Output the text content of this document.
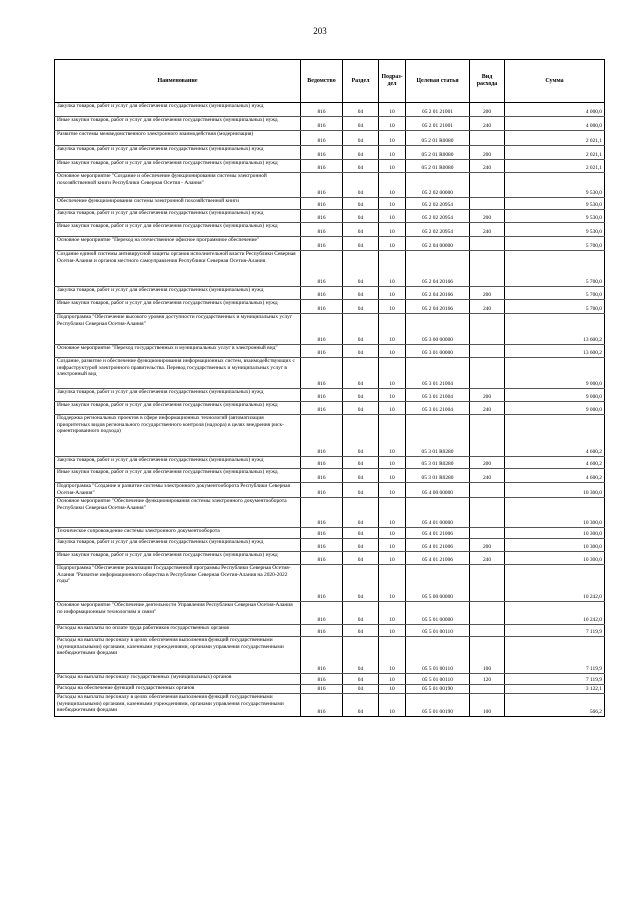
203
Наименование	Ведомство	Раздел	Подраз- дел	Целевая статья	Вид расхода	Сумма

Закупка товаров, работ и услуг для обеспечения государственных (муниципальных) нужд	816	04	10	05 2 01 21001	200	4 000,0

Иные закупки товаров, работ и услуг для обеспечения государственных (муниципальных) нужд	816	04	10	05 2 01 21001	240	4 000,0

Развитие системы межведомственного электронного взаимодействия (модернизация)	816	04	10	05 2 01 R0080		2 021,1

Закупка товаров, работ и услуг для обеспечения государственных (муниципальных) нужд	816	04	10	05 2 01 R0080	200	2 021,1

Иные закупки товаров, работ и услуг для обеспечения государственных (муниципальных) нужд	816	04	10	05 2 01 R0080	240	2 021,1

Основное мероприятие "Создание и обеспечение функционирования системы электронной похозяйственной книги Республики Северная Осетия - Алания"	816	04	10	05 2 02 00000		9 530,0

Обеспечение функционирования системы электронной похозяйственной книги	816	04	10	05 2 02 20954		9 530,0

Закупка товаров, работ и услуг для обеспечения государственных (муниципальных) нужд	816	04	10	05 2 02 20954	200	9 530,0

Иные закупки товаров, работ и услуг для обеспечения государственных (муниципальных) нужд	816	04	10	05 2 02 20954	240	9 530,0

Основное мероприятие "Переход на отечественное офисное программное обеспечение"	816	04	10	05 2 04 00000		5 700,0

Создание единой системы антивирусной защиты органов исполнительной власти Республики Северная Осетия-Алания и органов местного самоуправления Республики Северная Осетия-Алания	816	04	10	05 2 04 20166		5 700,0

Закупка товаров, работ и услуг для обеспечения государственных (муниципальных) нужд	816	04	10	05 2 04 20166	200	5 700,0

Иные закупки товаров, работ и услуг для обеспечения государственных (муниципальных) нужд	816	04	10	05 2 04 20166	240	5 700,0

Подпрограмма "Обеспечение высокого уровня доступности государственных и муниципальных услуг Республики Северная Осетия-Алания"	816	04	10	05 3 00 00000		13 600,2

Основное мероприятие "Переход государственных и муниципальных услуг в электронный вид"	816	04	10	05 3 01 00000		13 600,2

Создание, развитие и обеспечение функционирования информационных систем, взаимодействующих с инфраструктурой электронного правительства. Перевод государственных и муниципальных услуг в электронный вид	816	04	10	05 3 01 21004		9 000,0

Закупка товаров, работ и услуг для обеспечения государственных (муниципальных) нужд	816	04	10	05 3 01 21004	200	9 000,0

Иные закупки товаров, работ и услуг для обеспечения государственных (муниципальных) нужд	816	04	10	05 3 01 21004	240	9 000,0

Поддержка региональных проектов в сфере информационных технологий (автоматизация приоритетных видов регионального государственного контроля (надзора) в целях внедрения риск-ориентированного подхода)	816	04	10	05 3 01 R0280		4 600,2

Закупка товаров, работ и услуг для обеспечения государственных (муниципальных) нужд	816	04	10	05 3 01 R0280	200	4 600,2

Иные закупки товаров, работ и услуг для обеспечения государственных (муниципальных) нужд	816	04	10	05 3 01 R0280	240	4 600,2

Подпрограмма "Создание и развитие системы электронного документооборота Республики Северная Осетия-Алания"	816	04	10	05 4 00 00000		10 300,0

Основное мероприятие "Обеспечение функционирования системы электронного документооборота Республики Северная Осетия-Алания"	816	04	10	05 4 01 00000		10 300,0

Техническое сопровождение системы электронного документооборота	816	04	10	05 4 01 21006		10 300,0

Закупка товаров, работ и услуг для обеспечения государственных (муниципальных) нужд	816	04	10	05 4 01 21006	200	10 300,0

Иные закупки товаров, работ и услуг для обеспечения государственных (муниципальных) нужд	816	04	10	05 4 01 21006	240	10 300,0

Подпрограмма "Обеспечение реализации Государственной программы Республики Северная Осетия-Алания "Развитие информационного общества в Республике Северная Осетия-Алания на 2020-2022 годы"	816	04	10	05 5 00 00000		10 242,0

Основное мероприятие "Обеспечение деятельности Управления Республики Северная Осетия-Алания по информационным технологиям и связи"	816	04	10	05 5 01 00000		10 242,0

Расходы на выплаты по оплате труда работников государственных органов	816	04	10	05 5 01 00110		7 119,9

Расходы на выплаты персоналу в целях обеспечения выполнения функций государственными (муниципальными) органами, казенными учреждениями, органами управления государственными внебюджетными фондами	816	04	10	05 5 01 00110	100	7 119,9

Расходы на выплаты персоналу государственных (муниципальных) органов	816	04	10	05 5 01 00110	120	7 119,9

Расходы на обеспечение функций государственных органов	816	04	10	05 5 01 00190		3 122,1

Расходы на выплаты персоналу в целях обеспечения выполнения функций государственными (муниципальными) органами, казенными учреждениями, органами управления государственными внебюджетными фондами	816	04	10	05 5 01 00190	100	566,2
